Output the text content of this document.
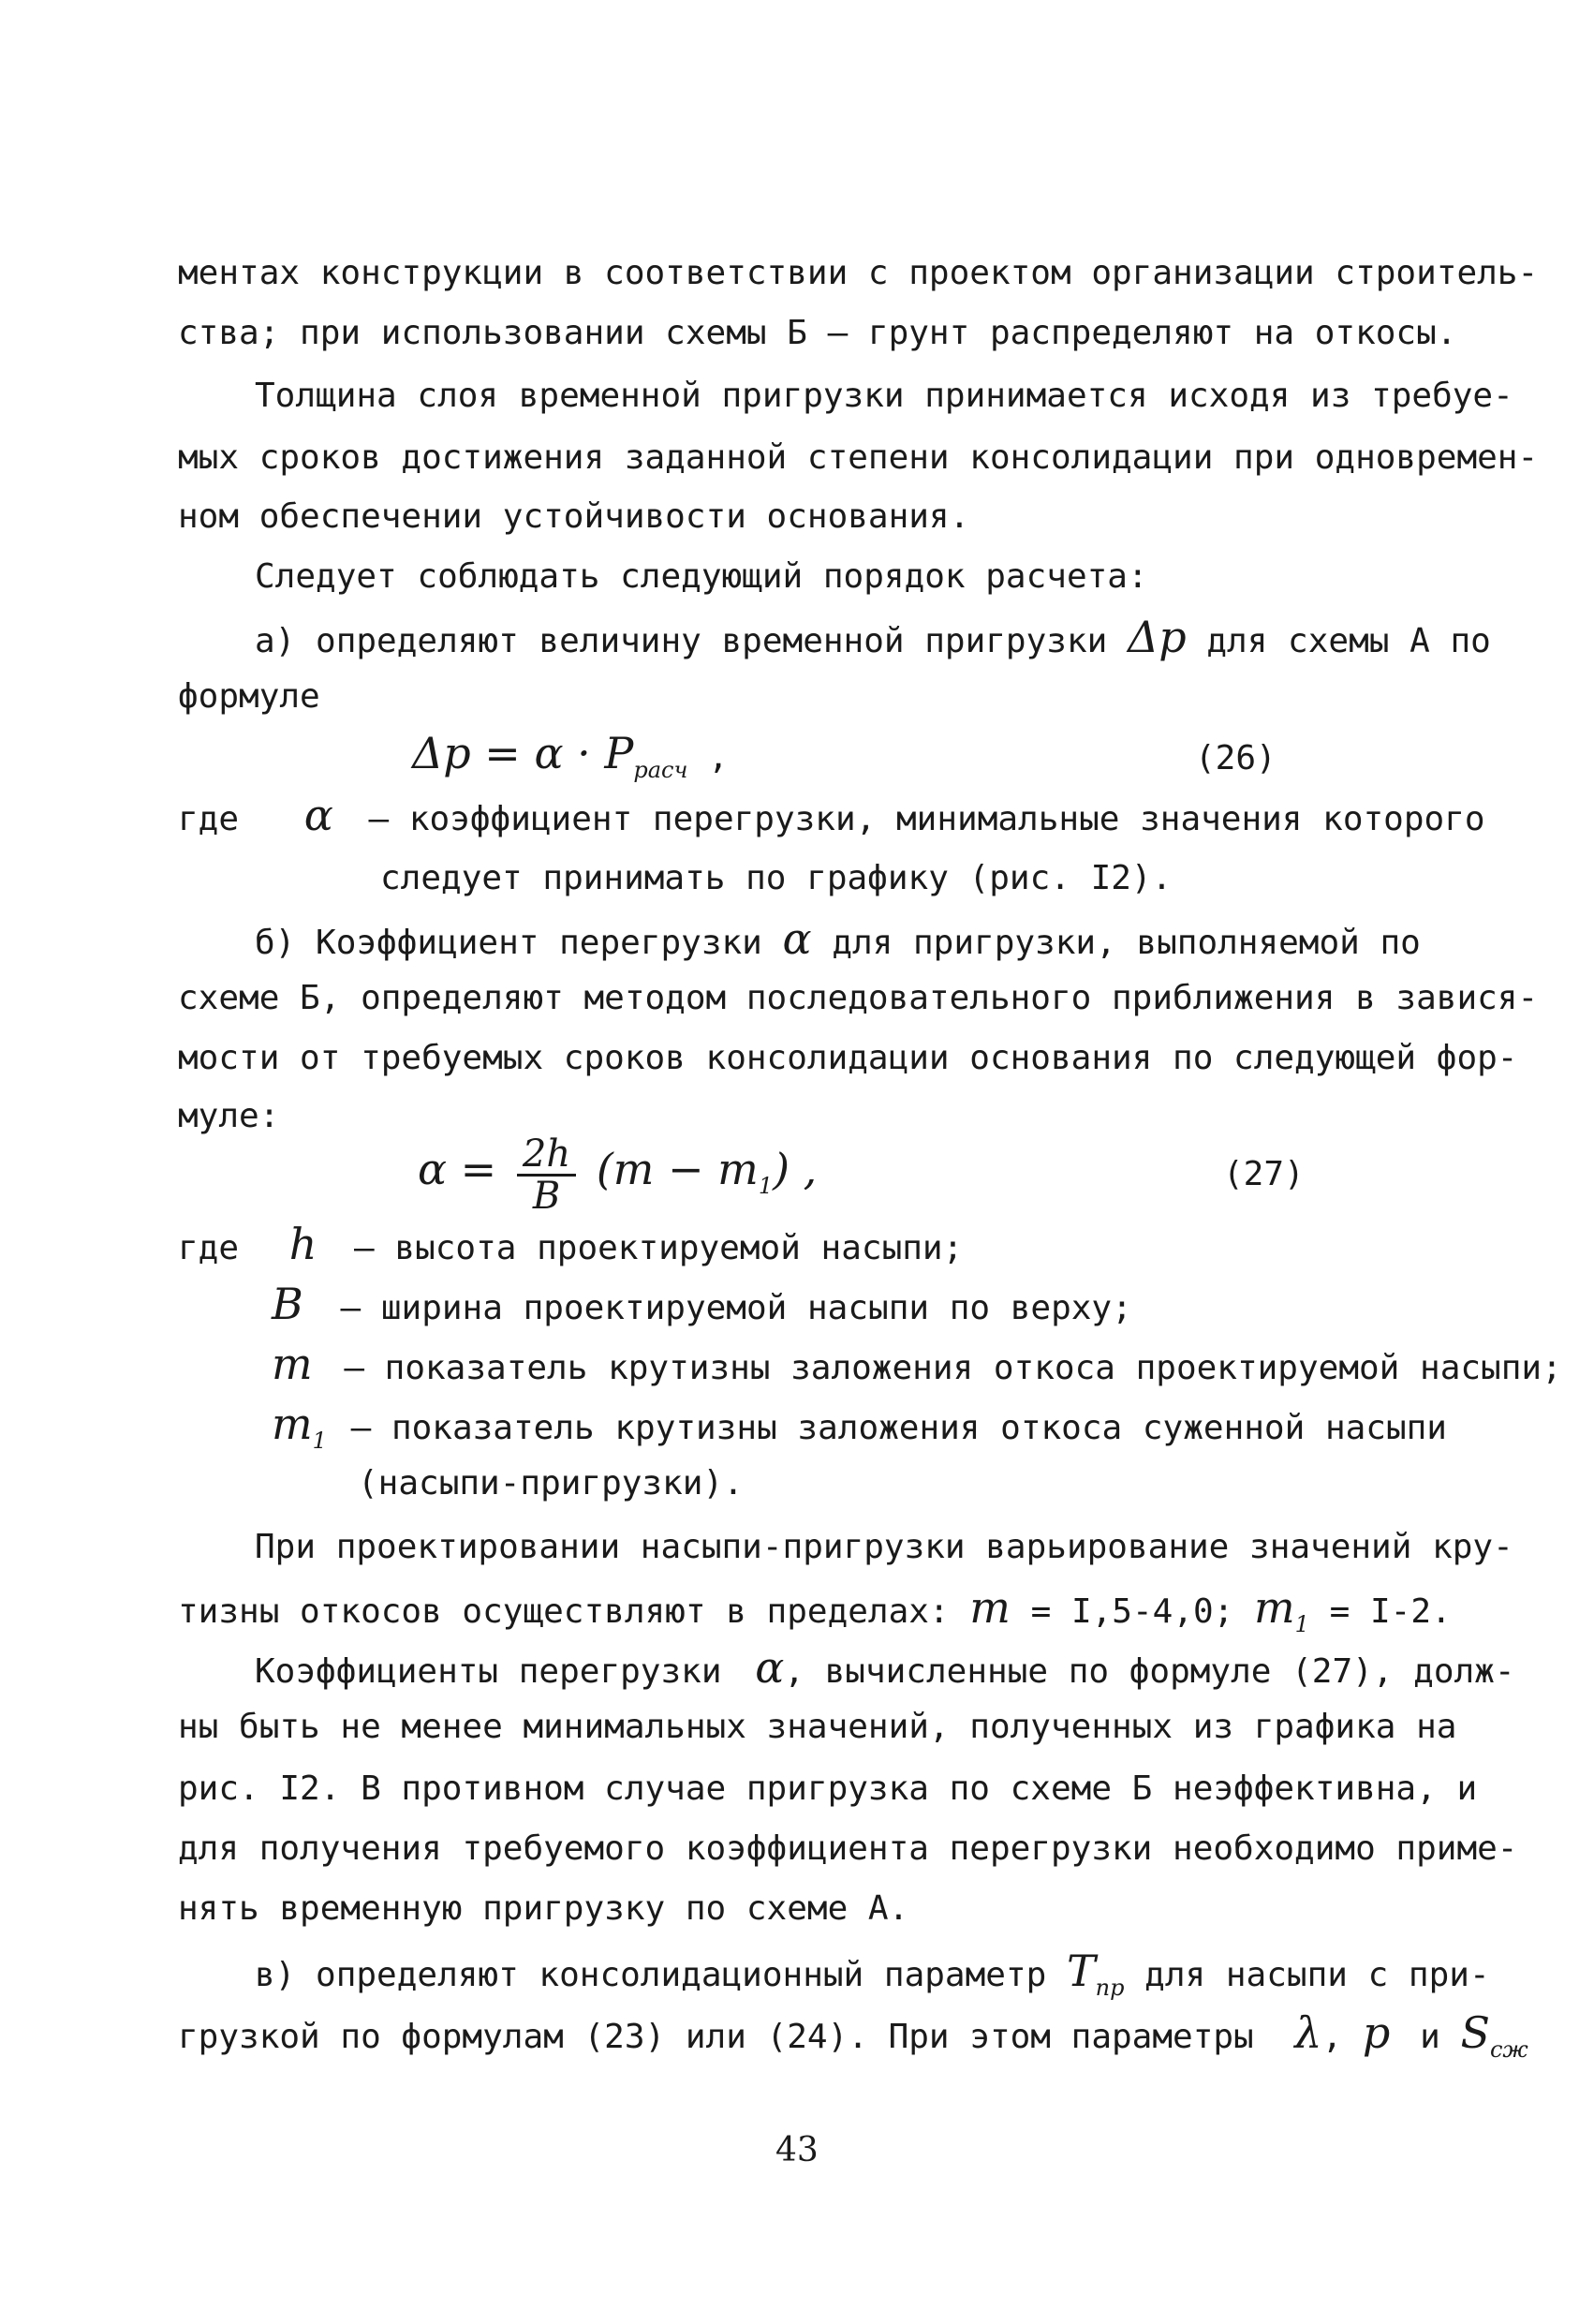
ментах конструкции в соответствии с проектом организации строитель-
ства; при использовании схемы Б – грунт распределяют на откосы.
Толщина слоя временной пригрузки принимается исходя из требуе-
мых сроков достижения заданной степени консолидации при одновремен-
ном обеспечении устойчивости основания.
Следует соблюдать следующий порядок расчета:
а) определяют величину временной пригрузки Δp для схемы А по
формуле
$\Delta p = \alpha \cdot P_{расч}$ ,	(26)
где α – коэффициент перегрузки, минимальные значения которого
следует принимать по графику (рис. I2).
б) Коэффициент перегрузки α для пригрузки, выполняемой по
схеме Б, определяют методом последовательного приближения в завися-
мости от требуемых сроков консолидации основания по следующей фор-
муле:
$\alpha = \frac{2h}{B} (m - m_1)$ ,	(27)
где h – высота проектируемой насыпи;
B – ширина проектируемой насыпи по верху;
m – показатель крутизны заложения откоса проектируемой насыпи;
$m_1$ – показатель крутизны заложения откоса суженной насыпи
(насыпи-пригрузки).
При проектировании насыпи-пригрузки варьирование значений кру-
тизны откосов осуществляют в пределах: m = I,5-4,0; $m_1 = I-2$.
Коэффициенты перегрузки α, вычисленные по формуле (27), долж-
ны быть не менее минимальных значений, полученных из графика на
рис. I2. В противном случае пригрузка по схеме Б неэффективна, и
для получения требуемого коэффициента перегрузки необходимо приме-
нять временную пригрузку по схеме А.
в) определяют консолидационный параметр $T_{пр}$ для насыпи с при-
грузкой по формулам (23) или (24). При этом параметры λ, p и $S_{сж}$
43
